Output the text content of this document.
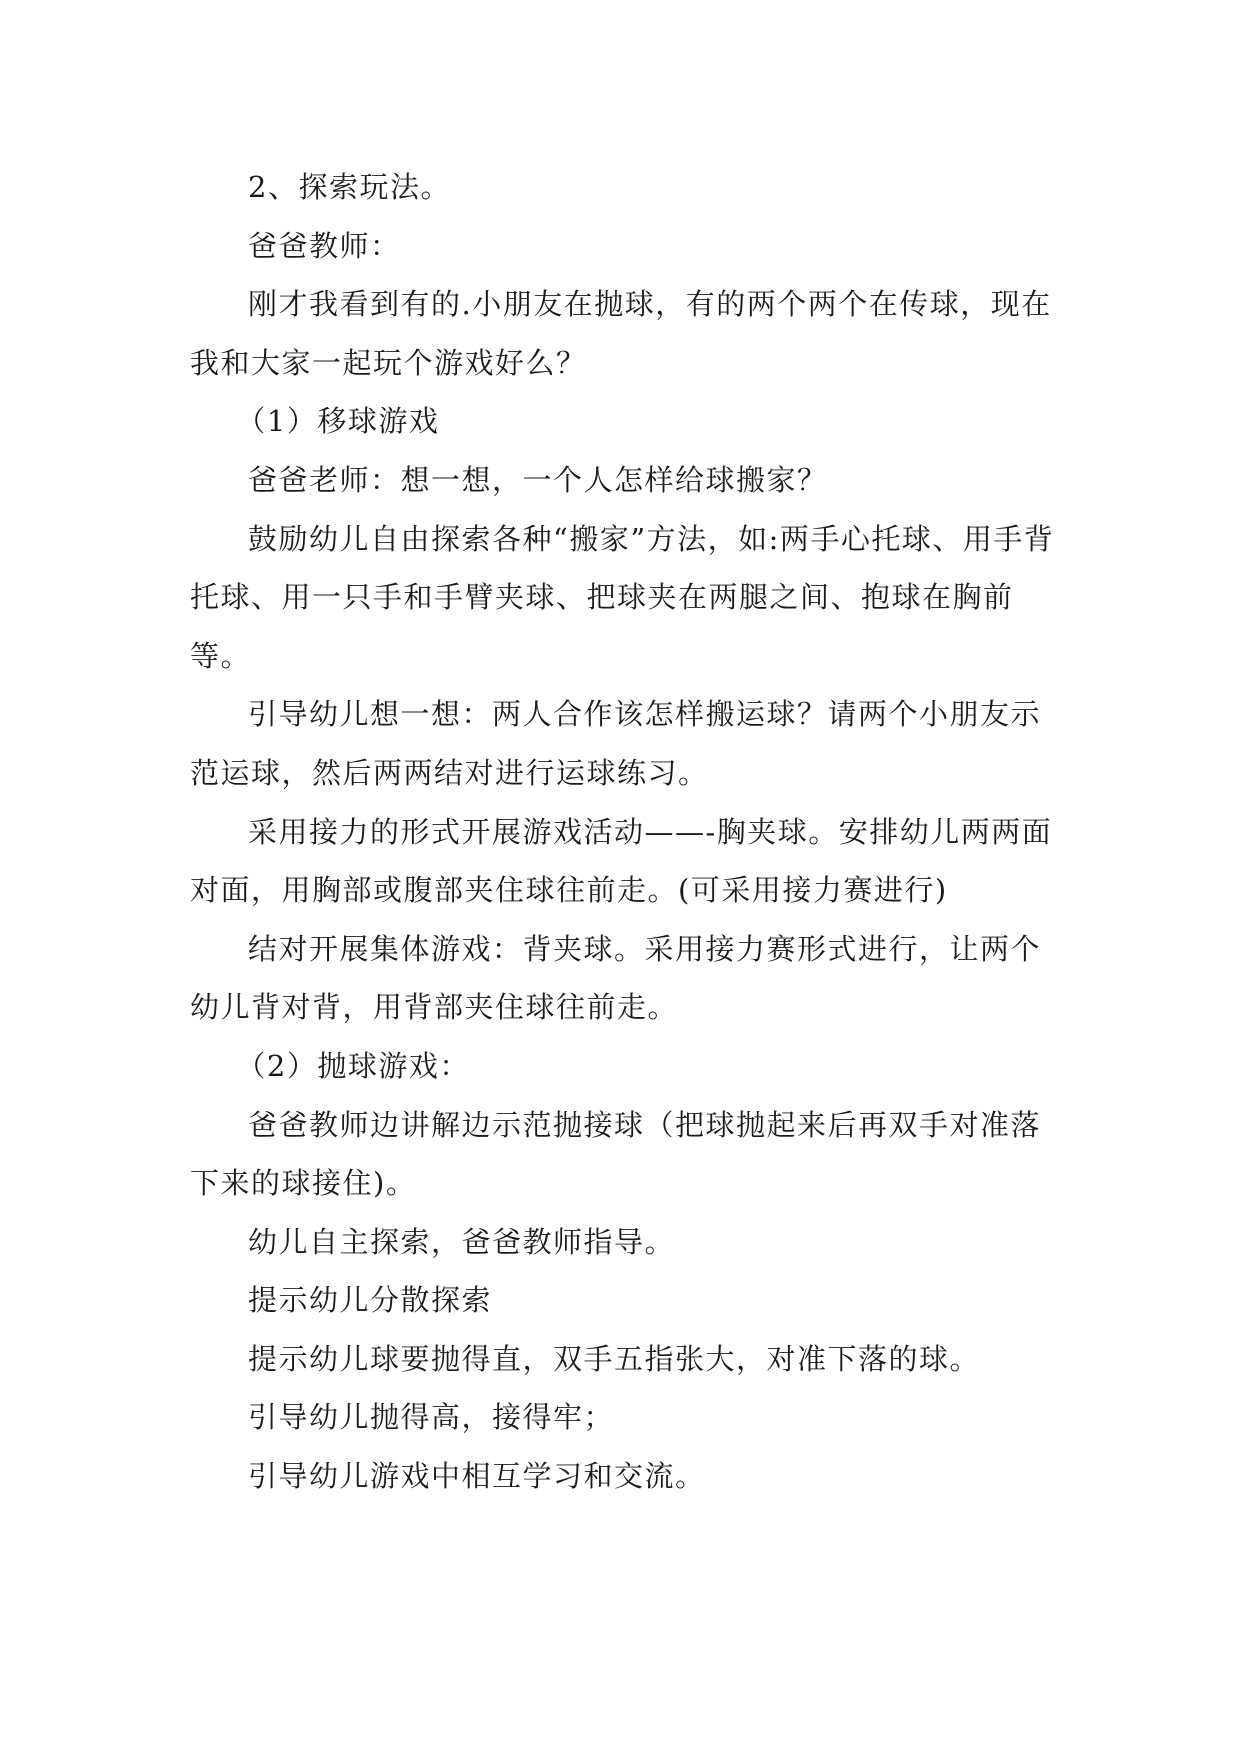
2、探索玩法。

爸爸教师：

刚才我看到有的.小朋友在抛球，有的两个两个在传球，现在我和大家一起玩个游戏好么？

（1）移球游戏

爸爸老师：想一想，一个人怎样给球搬家？

鼓励幼儿自由探索各种“搬家”方法，如:两手心托球、用手背托球、用一只手和手臂夹球、把球夹在两腿之间、抱球在胸前等。

引导幼儿想一想：两人合作该怎样搬运球？请两个小朋友示范运球，然后两两结对进行运球练习。

采用接力的形式开展游戏活动——-胸夹球。安排幼儿两两面对面，用胸部或腹部夹住球往前走。(可采用接力赛进行)

结对开展集体游戏：背夹球。采用接力赛形式进行，让两个幼儿背对背，用背部夹住球往前走。

（2）抛球游戏：

爸爸教师边讲解边示范抛接球（把球抛起来后再双手对准落下来的球接住)。

幼儿自主探索，爸爸教师指导。

提示幼儿分散探索

提示幼儿球要抛得直，双手五指张大，对准下落的球。

引导幼儿抛得高，接得牢；

引导幼儿游戏中相互学习和交流。
